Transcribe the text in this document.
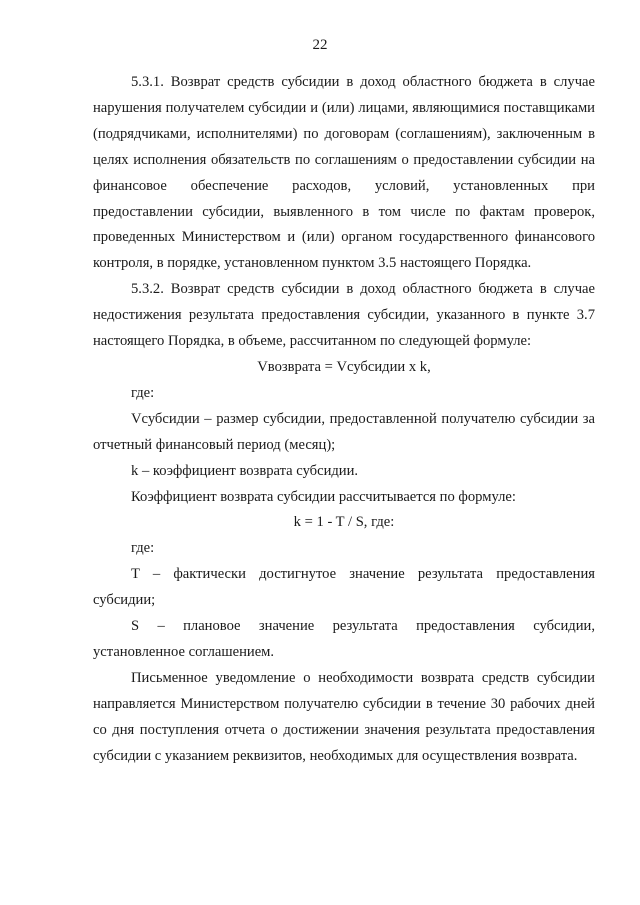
22

5.3.1. Возврат средств субсидии в доход областного бюджета в случае нарушения получателем субсидии и (или) лицами, являющимися поставщиками (подрядчиками, исполнителями) по договорам (соглашениям), заключенным в целях исполнения обязательств по соглашениям о предоставлении субсидии на финансовое обеспечение расходов, условий, установленных при предоставлении субсидии, выявленного в том числе по фактам проверок, проведенных Министерством и (или) органом государственного финансового контроля, в порядке, установленном пунктом 3.5 настоящего Порядка.

5.3.2. Возврат средств субсидии в доход областного бюджета в случае недостижения результата предоставления субсидии, указанного в пункте 3.7 настоящего Порядка, в объеме, рассчитанном по следующей формуле:

Vвозврата = Vсубсидии x k,

где:

Vсубсидии – размер субсидии, предоставленной получателю субсидии за отчетный финансовый период (месяц);

k – коэффициент возврата субсидии.

Коэффициент возврата субсидии рассчитывается по формуле:

k = 1 - T / S, где:

где:

T – фактически достигнутое значение результата предоставления субсидии;

S – плановое значение результата предоставления субсидии, установленное соглашением.

Письменное уведомление о необходимости возврата средств субсидии направляется Министерством получателю субсидии в течение 30 рабочих дней со дня поступления отчета о достижении значения результата предоставления субсидии с указанием реквизитов, необходимых для осуществления возврата.
